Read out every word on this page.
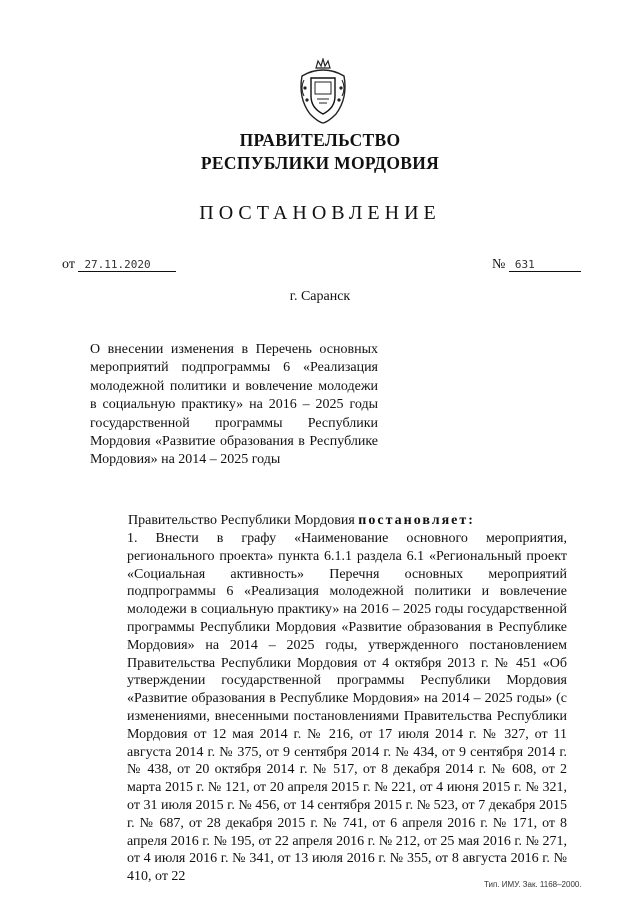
ПРАВИТЕЛЬСТВО
РЕСПУБЛИКИ МОРДОВИЯ
ПОСТАНОВЛЕНИЕ
от 27.11.2020	№ 631
г. Саранск
О внесении изменения в Перечень основных мероприятий подпрограммы 6 «Реализация молодежной политики и вовлечение молодежи в социальную практику» на 2016 – 2025 годы государственной программы Республики Мордовия «Развитие образования в Республике Мордовия» на 2014 – 2025 годы
Правительство Республики Мордовия постановляет:
1. Внести в графу «Наименование основного мероприятия, регионального проекта» пункта 6.1.1 раздела 6.1 «Региональный проект «Социальная активность» Перечня основных мероприятий подпрограммы 6 «Реализация молодежной политики и вовлечение молодежи в социальную практику» на 2016 – 2025 годы государственной программы Республики Мордовия «Развитие образования в Республике Мордовия» на 2014 – 2025 годы, утвержденного постановлением Правительства Республики Мордовия от 4 октября 2013 г. № 451 «Об утверждении государственной программы Республики Мордовия «Развитие образования в Республике Мордовия» на 2014 – 2025 годы» (с изменениями, внесенными постановлениями Правительства Республики Мордовия от 12 мая 2014 г. № 216, от 17 июля 2014 г. № 327, от 11 августа 2014 г. № 375, от 9 сентября 2014 г. № 434, от 9 сентября 2014 г. № 438, от 20 октября 2014 г. № 517, от 8 декабря 2014 г. № 608, от 2 марта 2015 г. № 121, от 20 апреля 2015 г. № 221, от 4 июня 2015 г. № 321, от 31 июля 2015 г. № 456, от 14 сентября 2015 г. № 523, от 7 декабря 2015 г. № 687, от 28 декабря 2015 г. № 741, от 6 апреля 2016 г. № 171, от 8 апреля 2016 г. № 195, от 22 апреля 2016 г. № 212, от 25 мая 2016 г. № 271, от 4 июля 2016 г. № 341, от 13 июля 2016 г. № 355, от 8 августа 2016 г. № 410, от 22
Тип. ИМУ. Зак. 1168–2000.
